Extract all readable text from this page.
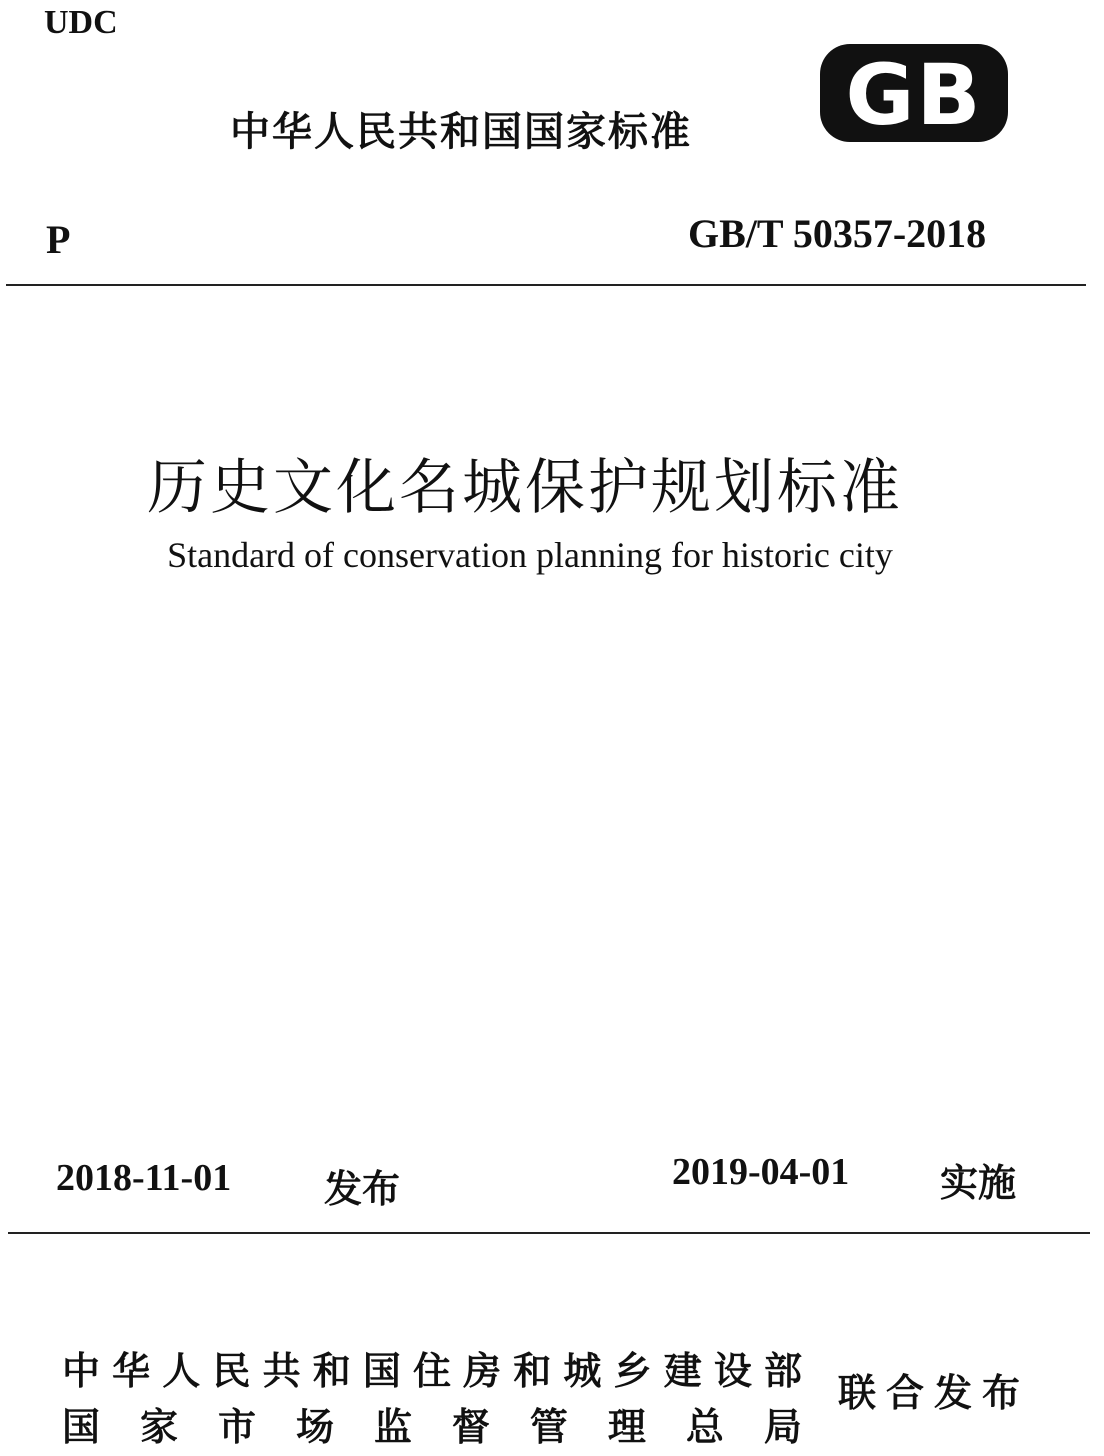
UDC
中华人民共和国国家标准 GB
P	GB/T 50357-2018
历史文化名城保护规划标准
Standard of conservation planning for historic city
2018-11-01 发布	2019-04-01 实施
中 华 人 民 共 和 国 住 房 和 城 乡 建 设 部
国 家 市 场 监 督 管 理 总 局
联合发布
